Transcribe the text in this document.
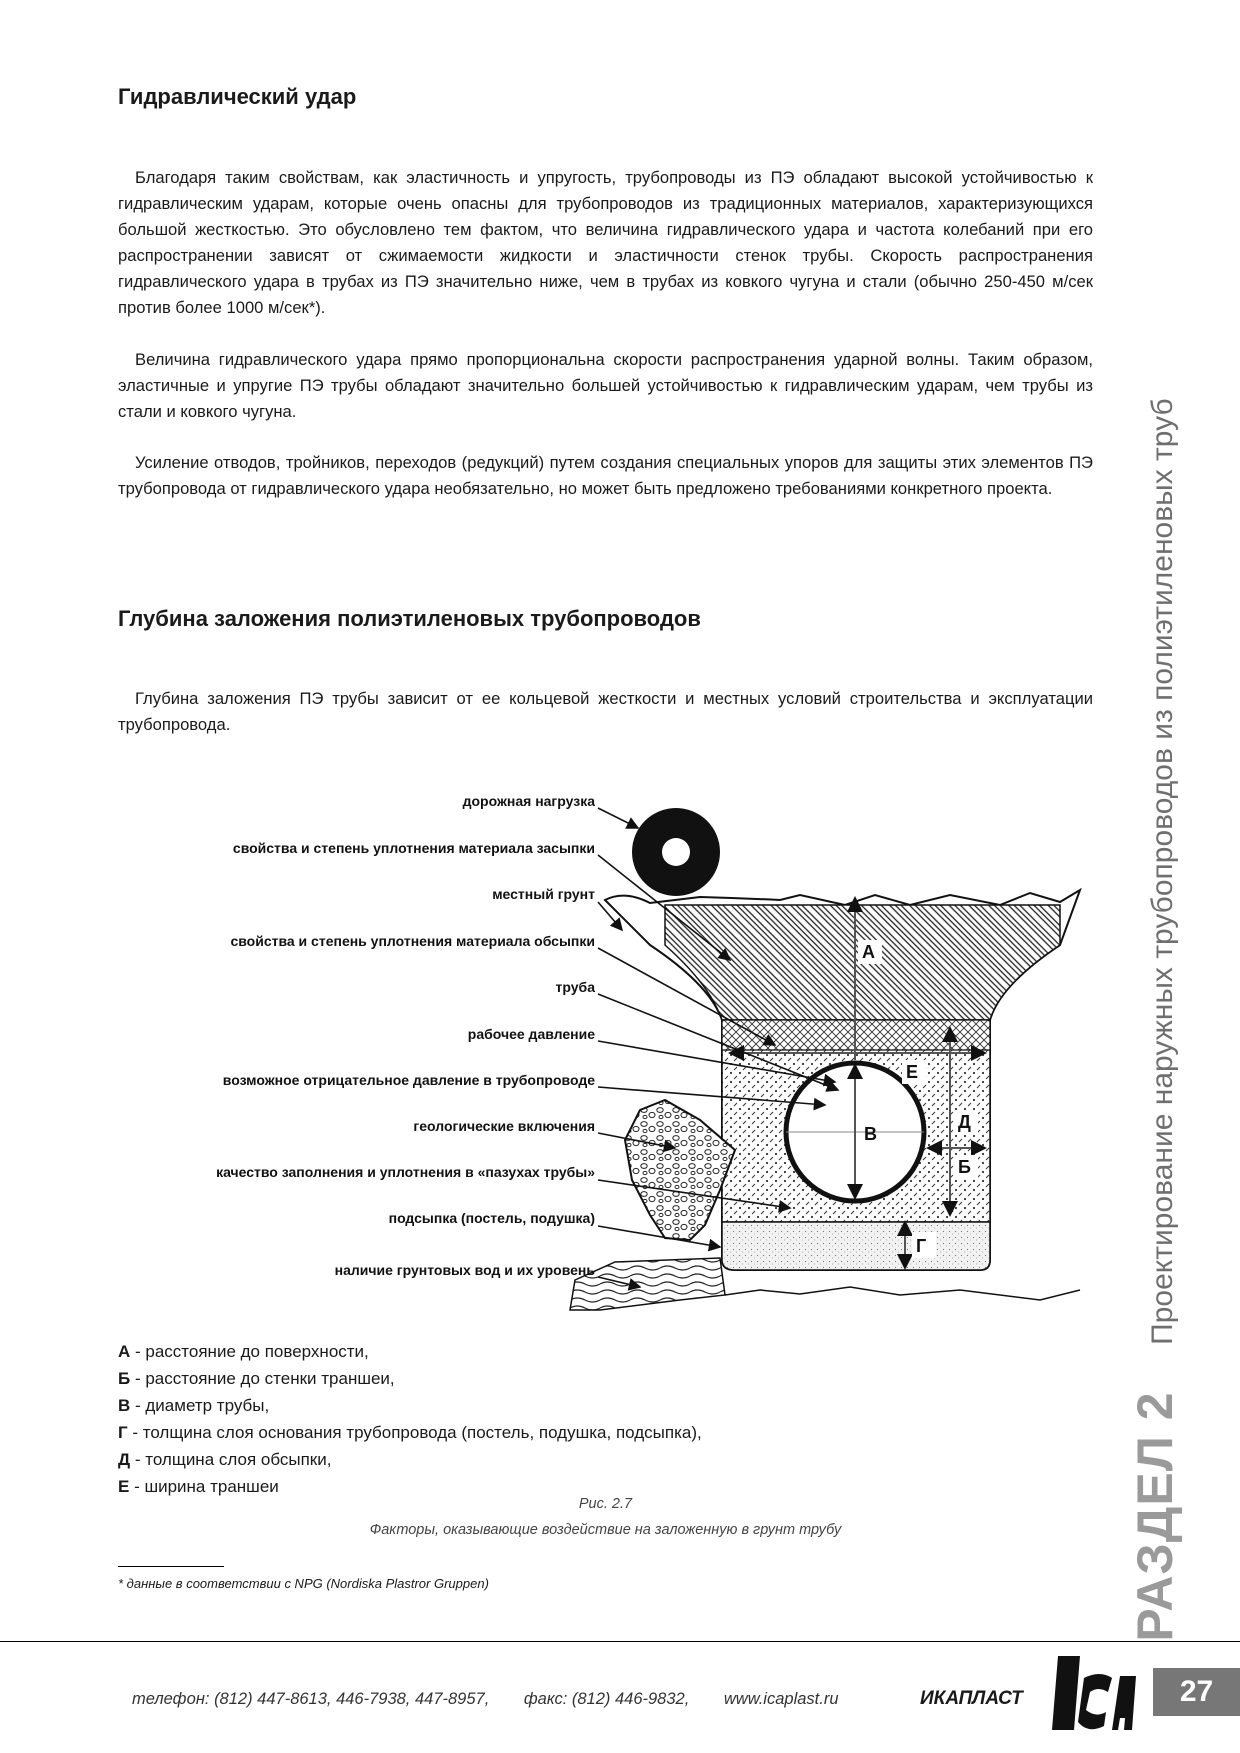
Гидравлический удар

Благодаря таким свойствам, как эластичность и упругость, трубопроводы из ПЭ обладают высокой устойчивостью к гидравлическим ударам, которые очень опасны для трубопроводов из традиционных материалов, характеризующихся большой жесткостью. Это обусловлено тем фактом, что величина гидравлического удара и частота колебаний при его распространении зависят от сжимаемости жидкости и эластичности стенок трубы. Скорость распространения гидравлического удара в трубах из ПЭ значительно ниже, чем в трубах из ковкого чугуна и стали (обычно 250-450 м/сек против более 1000 м/сек*).

Величина гидравлического удара прямо пропорциональна скорости распространения ударной волны. Таким образом, эластичные и упругие ПЭ трубы обладают значительно большей устойчивостью к гидравлическим ударам, чем трубы из стали и ковкого чугуна.

Усиление отводов, тройников, переходов (редукций) путем создания специальных упоров для защиты этих элементов ПЭ трубопровода от гидравлического удара необязательно, но может быть предложено требованиями конкретного проекта.

Глубина заложения полиэтиленовых трубопроводов

Глубина заложения ПЭ трубы зависит от ее кольцевой жесткости и местных условий строительства и эксплуатации трубопровода.

А
Е
В
Д
Б
Г
дорожная нагрузка
свойства и степень уплотнения материала засыпки
местный грунт
свойства и степень уплотнения материала обсыпки
труба
рабочее давление
возможное отрицательное давление в трубопроводе
геологические включения
качество заполнения и уплотнения в «пазухах трубы»
подсыпка (постель, подушка)
наличие грунтовых вод и их уровень
А - расстояние до поверхности,
Б - расстояние до стенки траншеи,
В - диаметр трубы,
Г - толщина слоя основания трубопровода (постель, подушка, подсыпка),
Д - толщина слоя обсыпки,
Е - ширина траншеи
Рис. 2.7
Факторы, оказывающие воздействие на заложенную в грунт трубу
* данные в соответствии с NPG (Nordiska Plastror Gruppen)	РАЗДЕЛ 2  Проектирование наружных трубопроводов из полиэтиленовых труб
телефон: (812) 447-8613, 446-7938, 447-8957, факс: (812) 446-9832, www.icaplast.ru	ИКАПЛАСТ
ICA
27
